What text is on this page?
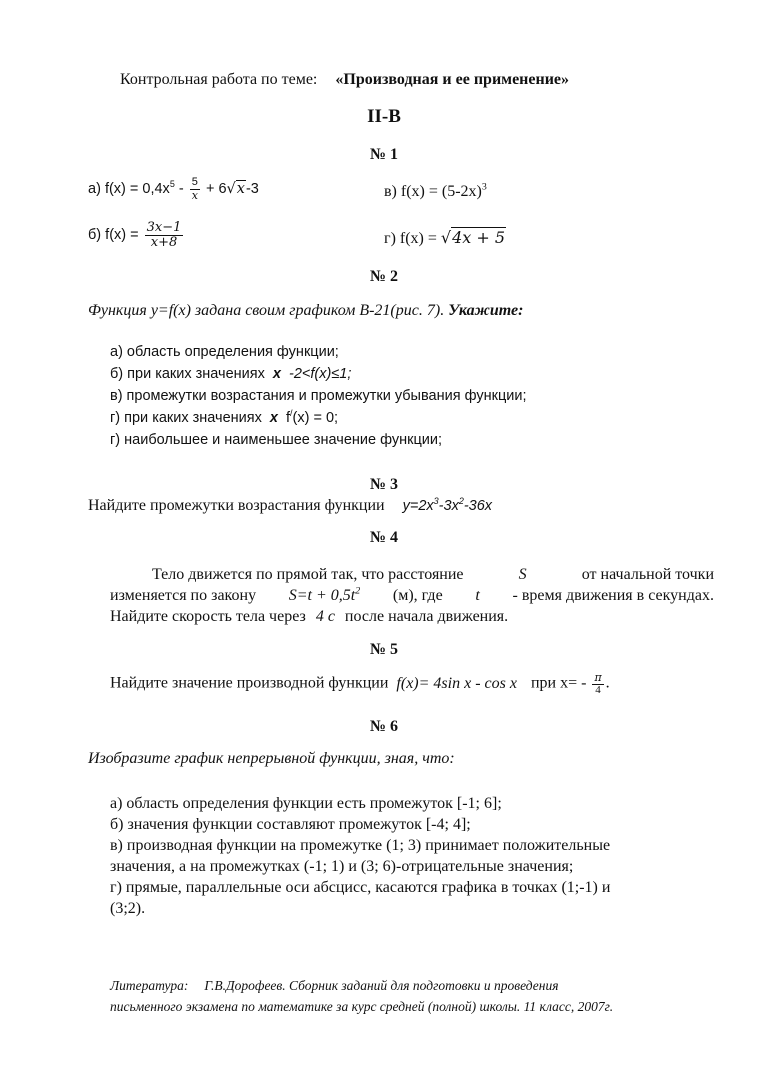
Контрольная работа по теме: «Производная и ее применение»
II-В
№ 1
а) $f(x) = 0,4x^5 - \frac{5}{x} + 6√x-3$	в) $f(x) = (5-2x)^3$
б) $f(x) = \frac{3x-1}{x+8}$	г) f(x) = √4x + 5
№ 2
Функция у=f(x) задана своим графиком В-21(рис. 7). Укажите:
а) область определения функции;
б) при каких значениях x -2<f(x)≤1;
в) промежутки возрастания и промежутки убывания функции;
г) при каких значениях x f/(x) = 0;
г) наибольшее и наименьшее значение функции;
№ 3
Найдите промежутки возрастания функции $y=2x^3-3x^2-36x$
№ 4
Тело движется по прямой так, что расстояние	S	от начальной точки
изменяется по закону $S=t + 0,5t^2$ (м), где t - время движения в секундах.
Найдите скорость тела через 4 с после начала движения.
№ 5
Найдите значение производной функции f(x)= 4sin x - cos x при $x= - \frac{\pi}{4}$ .
№ 6
Изобразите график непрерывной функции, зная, что:
а) область определения функции есть промежуток [-1; 6];
б) значения функции составляют промежуток [-4; 4];
в) производная функции на промежутке (1; 3) принимает положительные
значения, а на промежутках (-1; 1) и (3; 6)-отрицательные значения;
г) прямые, параллельные оси абсцисс, касаются графика в точках (1;-1) и
(3;2).
Литература: Г.В.Дорофеев. Сборник заданий для подготовки и проведения
письменного экзамена по математике за курс средней (полной) школы. 11 класс, 2007г.
